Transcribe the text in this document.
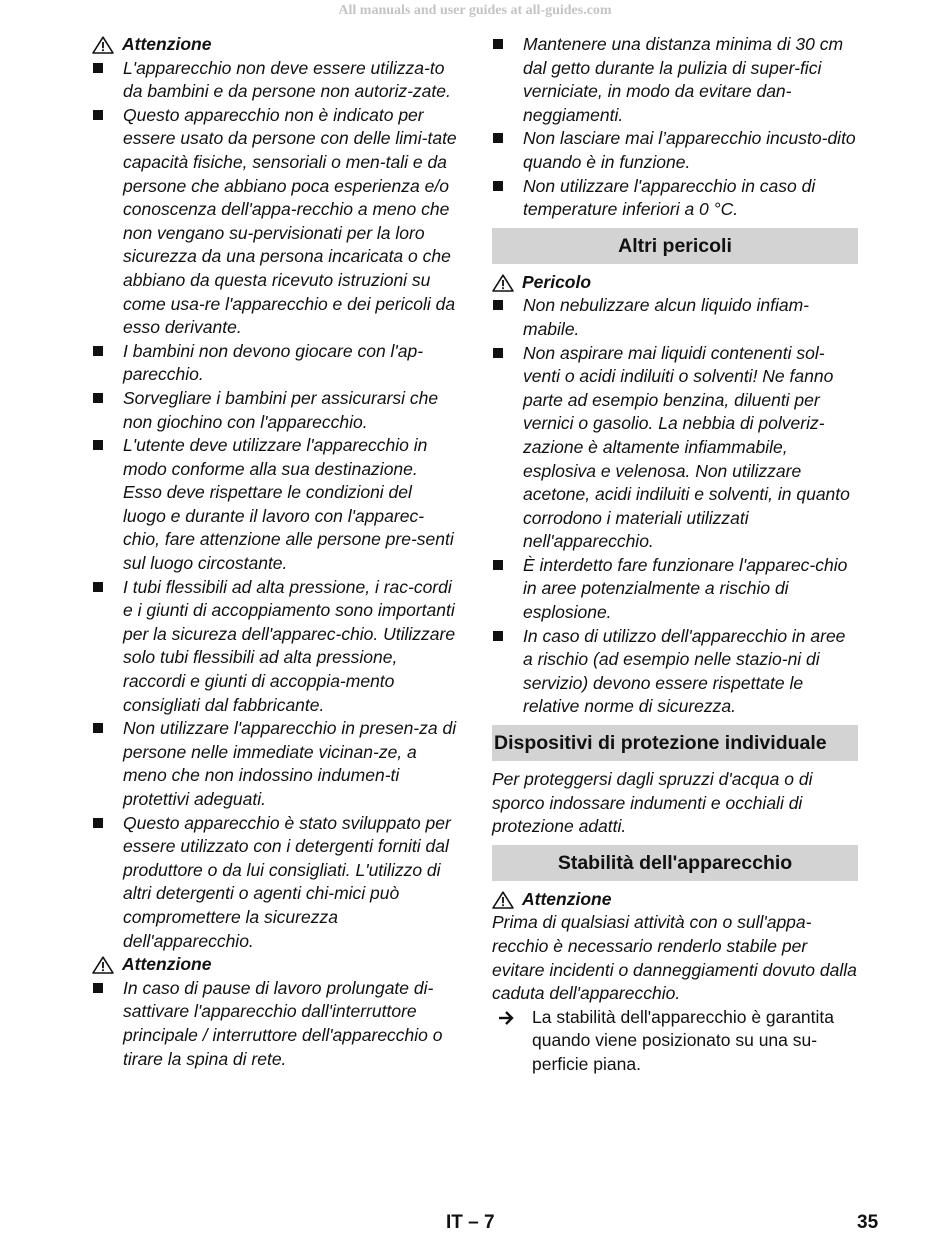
All manuals and user guides at all-guides.com
Attenzione
L'apparecchio non deve essere utilizza-to da bambini e da persone non autoriz-zate.
Questo apparecchio non è indicato per essere usato da persone con delle limi-tate capacità fisiche, sensoriali o men-tali e da persone che abbiano poca esperienza e/o conoscenza dell'appa-recchio a meno che non vengano su-pervisionati per la loro sicurezza da una persona incaricata o che abbiano da questa ricevuto istruzioni su come usa-re l'apparecchio e dei pericoli da esso derivante.
I bambini non devono giocare con l'ap-parecchio.
Sorvegliare i bambini per assicurarsi che non giochino con l'apparecchio.
L'utente deve utilizzare l'apparecchio in modo conforme alla sua destinazione. Esso deve rispettare le condizioni del luogo e durante il lavoro con l'apparec-chio, fare attenzione alle persone pre-senti sul luogo circostante.
I tubi flessibili ad alta pressione, i rac-cordi e i giunti di accoppiamento sono importanti per la sicureza dell'apparec-chio. Utilizzare solo tubi flessibili ad alta pressione, raccordi e giunti di accoppia-mento consigliati dal fabbricante.
Non utilizzare l'apparecchio in presen-za di persone nelle immediate vicinan-ze, a meno che non indossino indumen-ti protettivi adeguati.
Questo apparecchio è stato sviluppato per essere utilizzato con i detergenti forniti dal produttore o da lui consigliati. L'utilizzo di altri detergenti o agenti chi-mici può compromettere la sicurezza dell'apparecchio.
Attenzione
In caso di pause di lavoro prolungate di-sattivare l'apparecchio dall'interruttore principale / interruttore dell'apparecchio o tirare la spina di rete.
Mantenere una distanza minima di 30 cm dal getto durante la pulizia di super-fici verniciate, in modo da evitare dan-neggiamenti.
Non lasciare mai l’apparecchio incusto-dito quando è in funzione.
Non utilizzare l'apparecchio in caso di temperature inferiori a 0 °C.
Altri pericoli
Pericolo
Non nebulizzare alcun liquido infiam-mabile.
Non aspirare mai liquidi contenenti sol-venti o acidi indiluiti o solventi! Ne fanno parte ad esempio benzina, diluenti per vernici o gasolio. La nebbia di polveriz-zazione è altamente infiammabile, esplosiva e velenosa. Non utilizzare acetone, acidi indiluiti e solventi, in quanto corrodono i materiali utilizzati nell'apparecchio.
È interdetto fare funzionare l'apparec-chio in aree potenzialmente a rischio di esplosione.
In caso di utilizzo dell'apparecchio in aree a rischio (ad esempio nelle stazio-ni di servizio) devono essere rispettate le relative norme di sicurezza.
Dispositivi di protezione individuale
Per proteggersi dagli spruzzi d'acqua o di sporco indossare indumenti e occhiali di protezione adatti.
Stabilità dell'apparecchio
Attenzione
Prima di qualsiasi attività con o sull'appa-recchio è necessario renderlo stabile per evitare incidenti o danneggiamenti dovuto dalla caduta dell'apparecchio.
La stabilità dell'apparecchio è garantita quando viene posizionato su una su-perficie piana.
IT – 7	35
